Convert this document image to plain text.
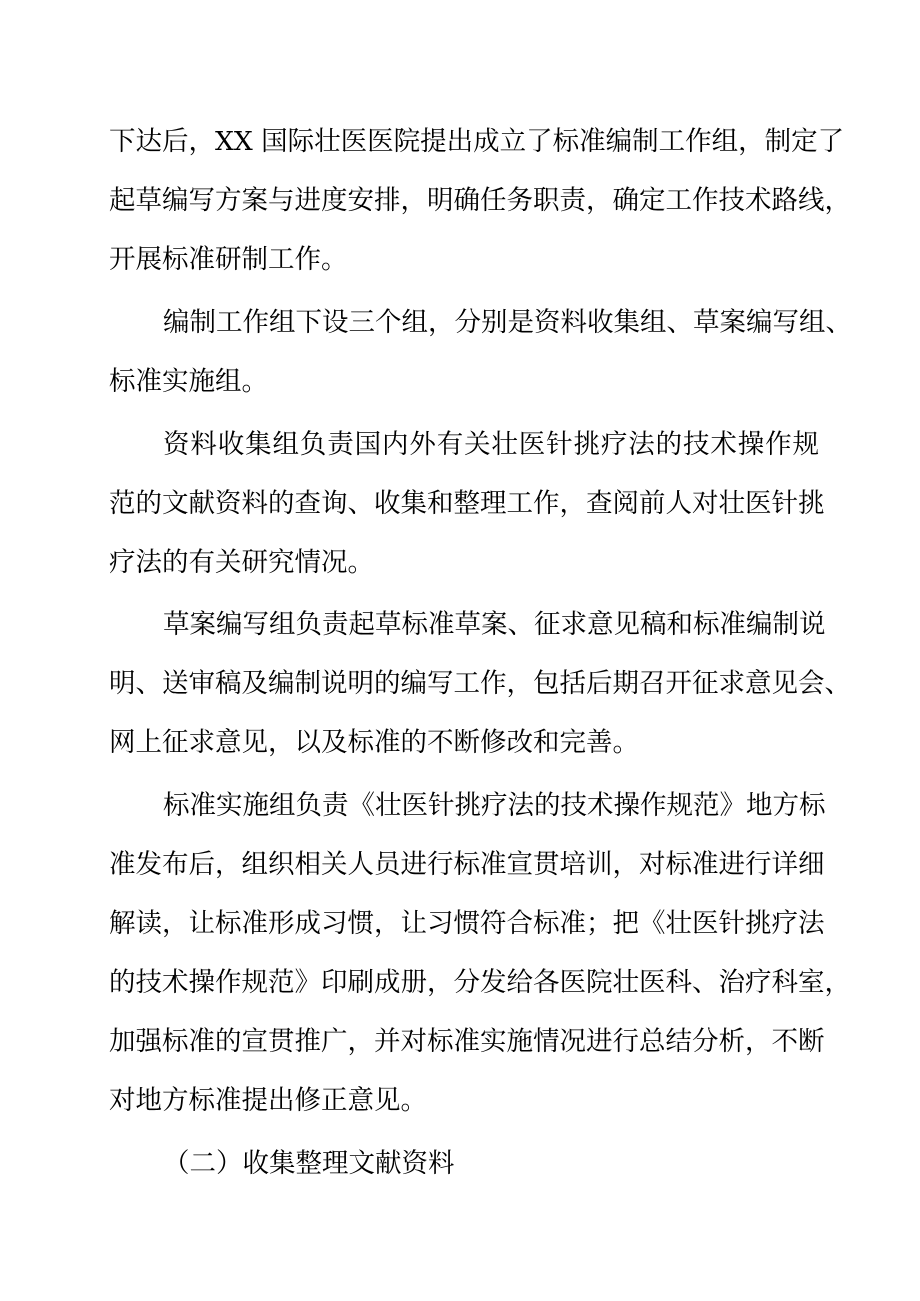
下达后，XX 国际壮医医院提出成立了标准编制工作组，制定了
起草编写方案与进度安排，明确任务职责，确定工作技术路线，
开展标准研制工作。
编制工作组下设三个组，分别是资料收集组、草案编写组、
标准实施组。
资料收集组负责国内外有关壮医针挑疗法的技术操作规
范的文献资料的查询、收集和整理工作，查阅前人对壮医针挑
疗法的有关研究情况。
草案编写组负责起草标准草案、征求意见稿和标准编制说
明、送审稿及编制说明的编写工作，包括后期召开征求意见会、
网上征求意见，以及标准的不断修改和完善。
标准实施组负责《壮医针挑疗法的技术操作规范》地方标
准发布后，组织相关人员进行标准宣贯培训，对标准进行详细
解读，让标准形成习惯，让习惯符合标准；把《壮医针挑疗法
的技术操作规范》印刷成册，分发给各医院壮医科、治疗科室，
加强标准的宣贯推广，并对标准实施情况进行总结分析，不断
对地方标准提出修正意见。
（二）收集整理文献资料
